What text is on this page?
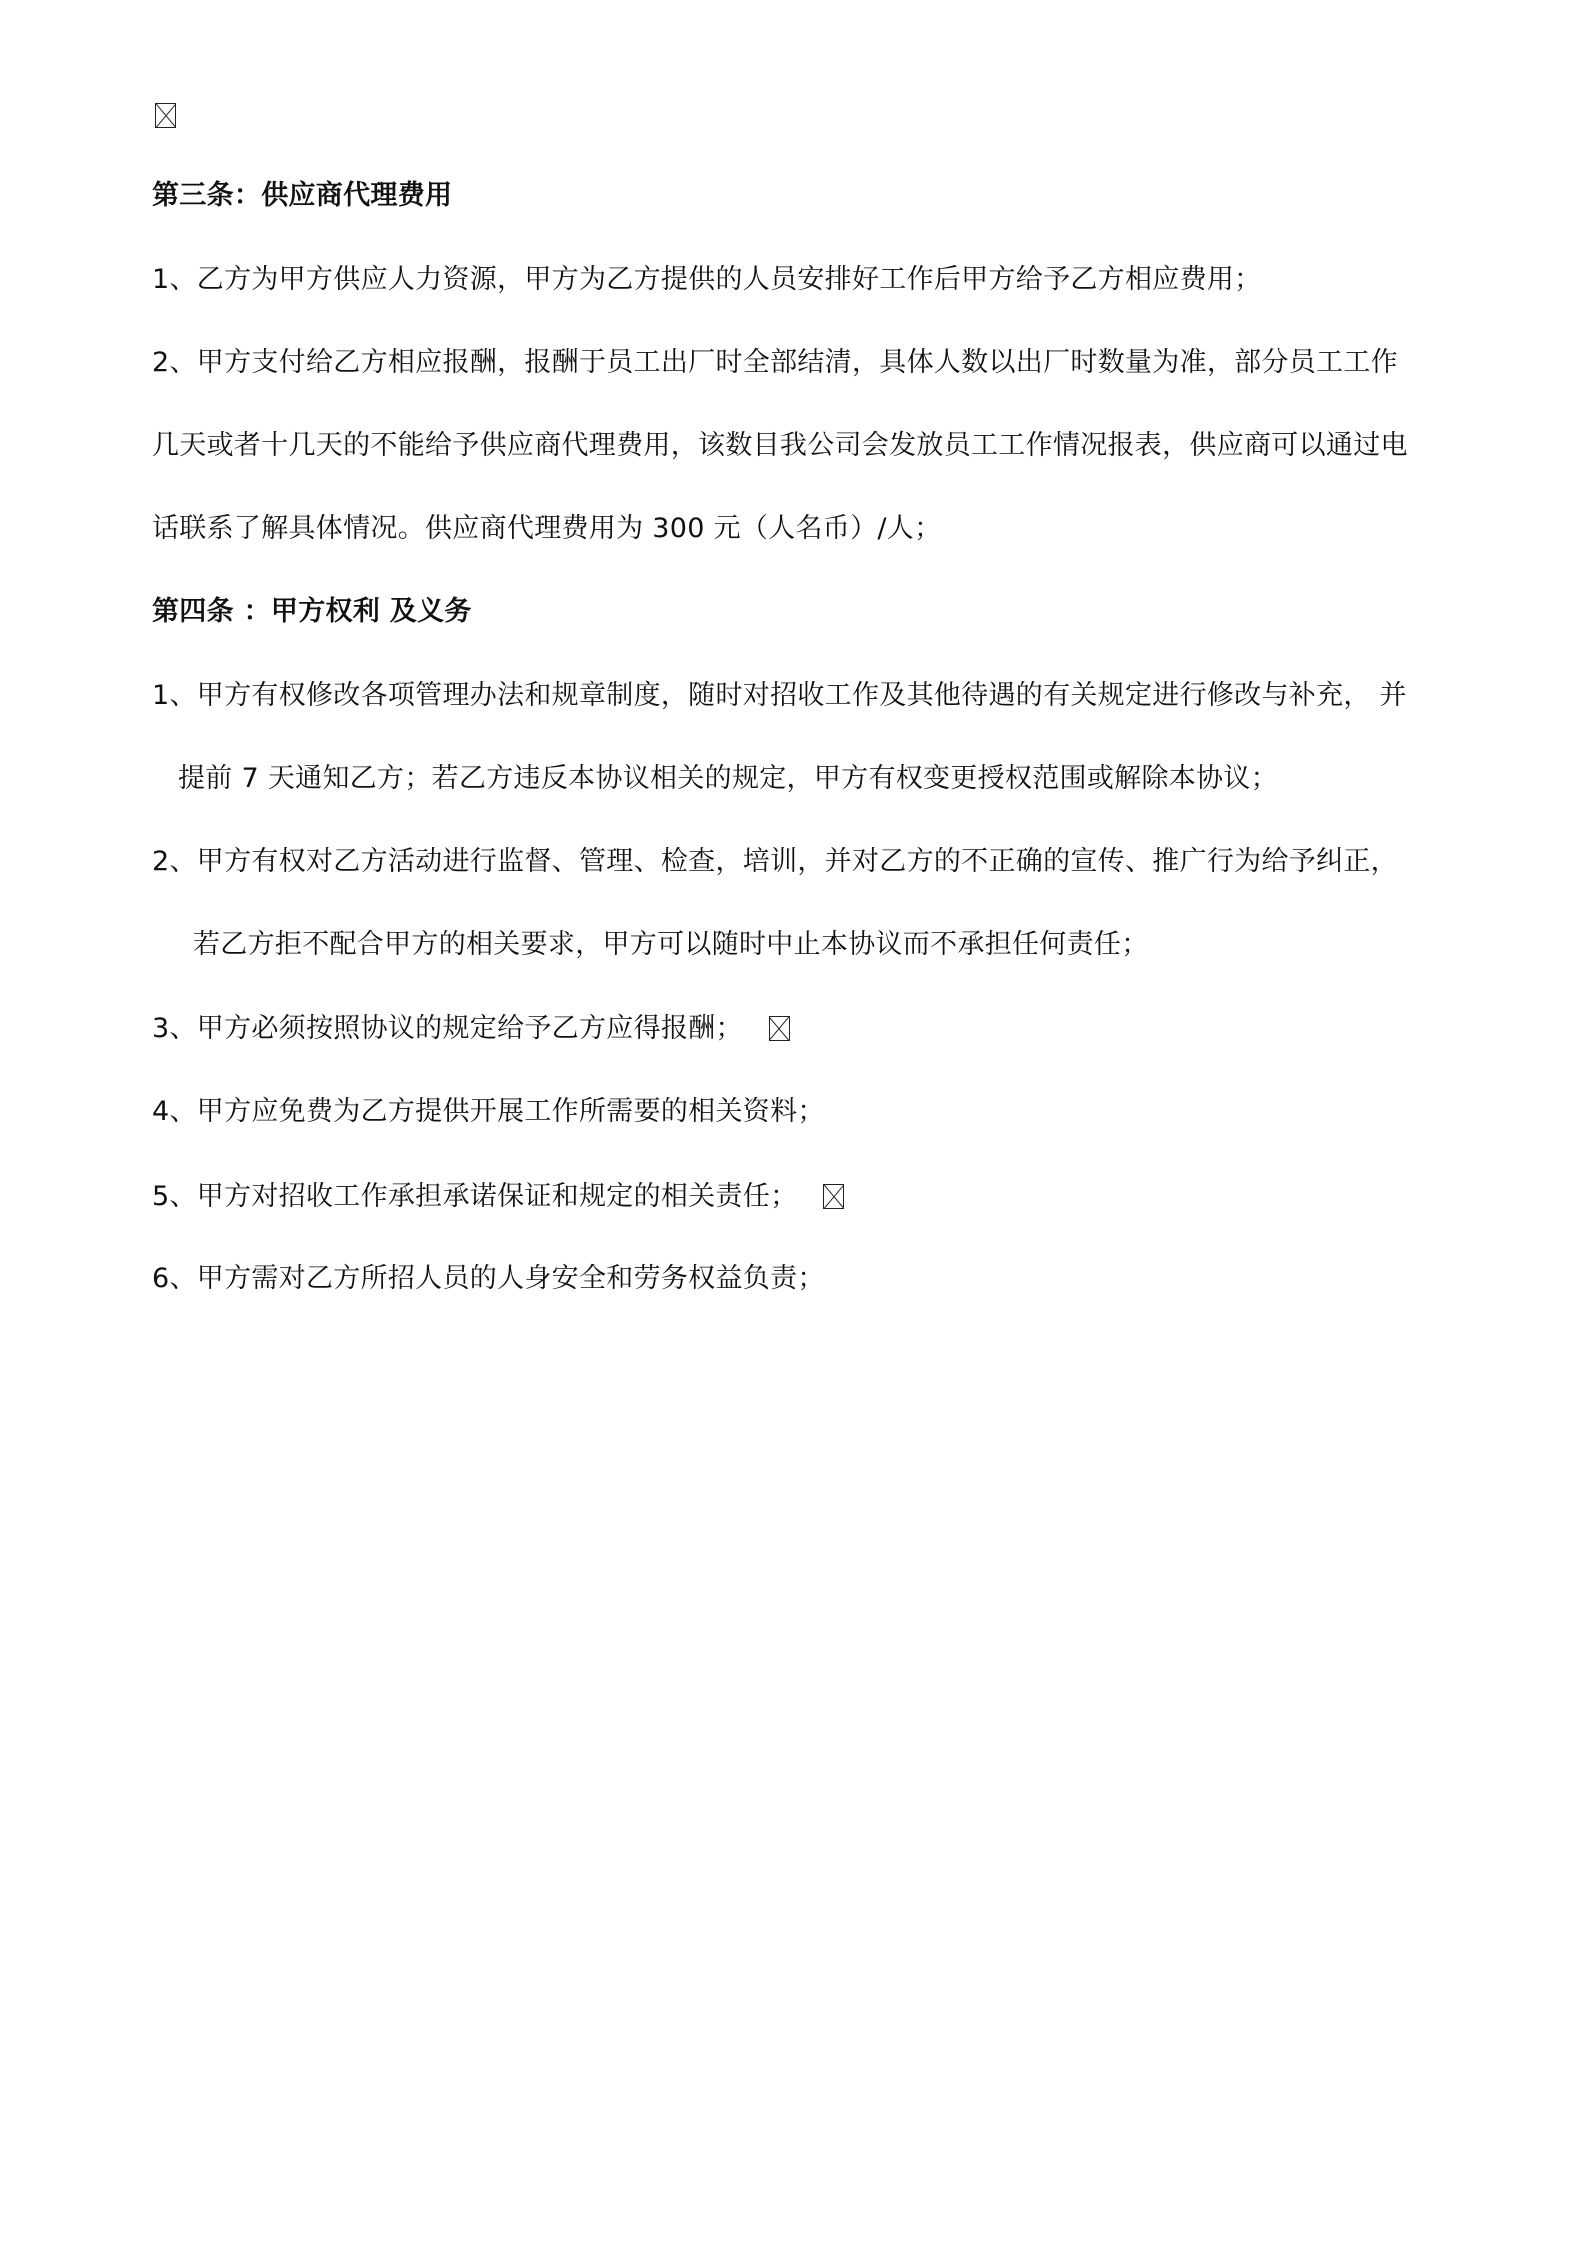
第三条：供应商代理费用
1、乙方为甲方供应人力资源，甲方为乙方提供的人员安排好工作后甲方给予乙方相应费用；
2、甲方支付给乙方相应报酬，报酬于员工出厂时全部结清，具体人数以出厂时数量为准，部分员工工作
几天或者十几天的不能给予供应商代理费用，该数目我公司会发放员工工作情况报表，供应商可以通过电
话联系了解具体情况。供应商代理费用为 300 元（人名币）/人；
第四条 ：甲方权利 及义务
1、甲方有权修改各项管理办法和规章制度，随时对招收工作及其他待遇的有关规定进行修改与补充， 并
提前 7 天通知乙方；若乙方违反本协议相关的规定，甲方有权变更授权范围或解除本协议；
2、甲方有权对乙方活动进行监督、管理、检查，培训，并对乙方的不正确的宣传、推广行为给予纠正，
若乙方拒不配合甲方的相关要求，甲方可以随时中止本协议而不承担任何责任；
3、甲方必须按照协议的规定给予乙方应得报酬；
4、甲方应免费为乙方提供开展工作所需要的相关资料；
5、甲方对招收工作承担承诺保证和规定的相关责任；
6、甲方需对乙方所招人员的人身安全和劳务权益负责；
